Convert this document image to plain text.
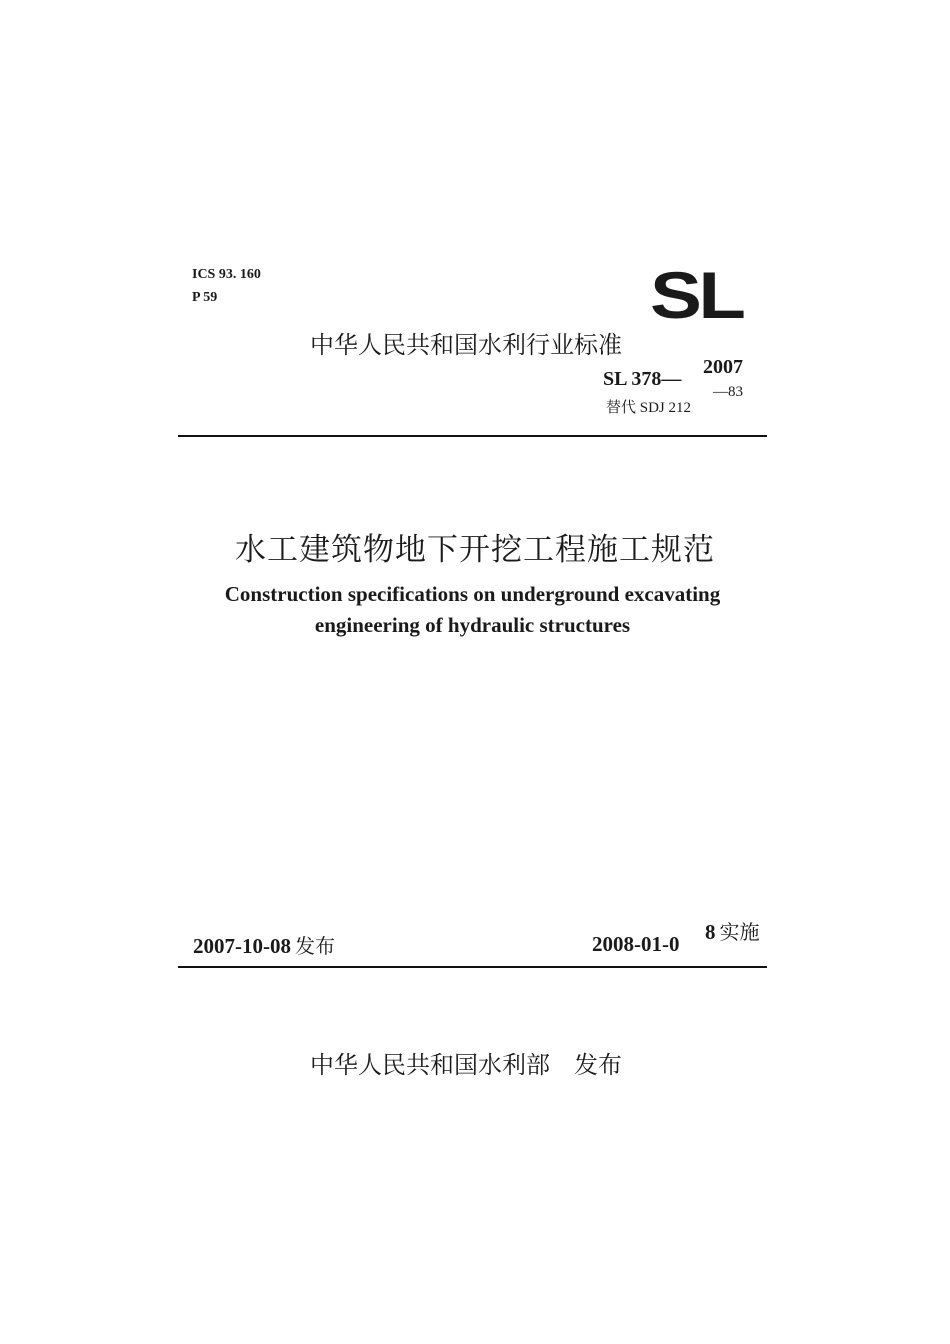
ICS 93. 160
P 59	SL
中华人民共和国水利行业标准
SL 378—
2007
替代 SDJ 212
—83
水工建筑物地下开挖工程施工规范
Construction specifications on underground excavating
engineering of hydraulic structures
2007-10-08 发布	2008-01-0 8 实施
中华人民共和国水利部　发布
